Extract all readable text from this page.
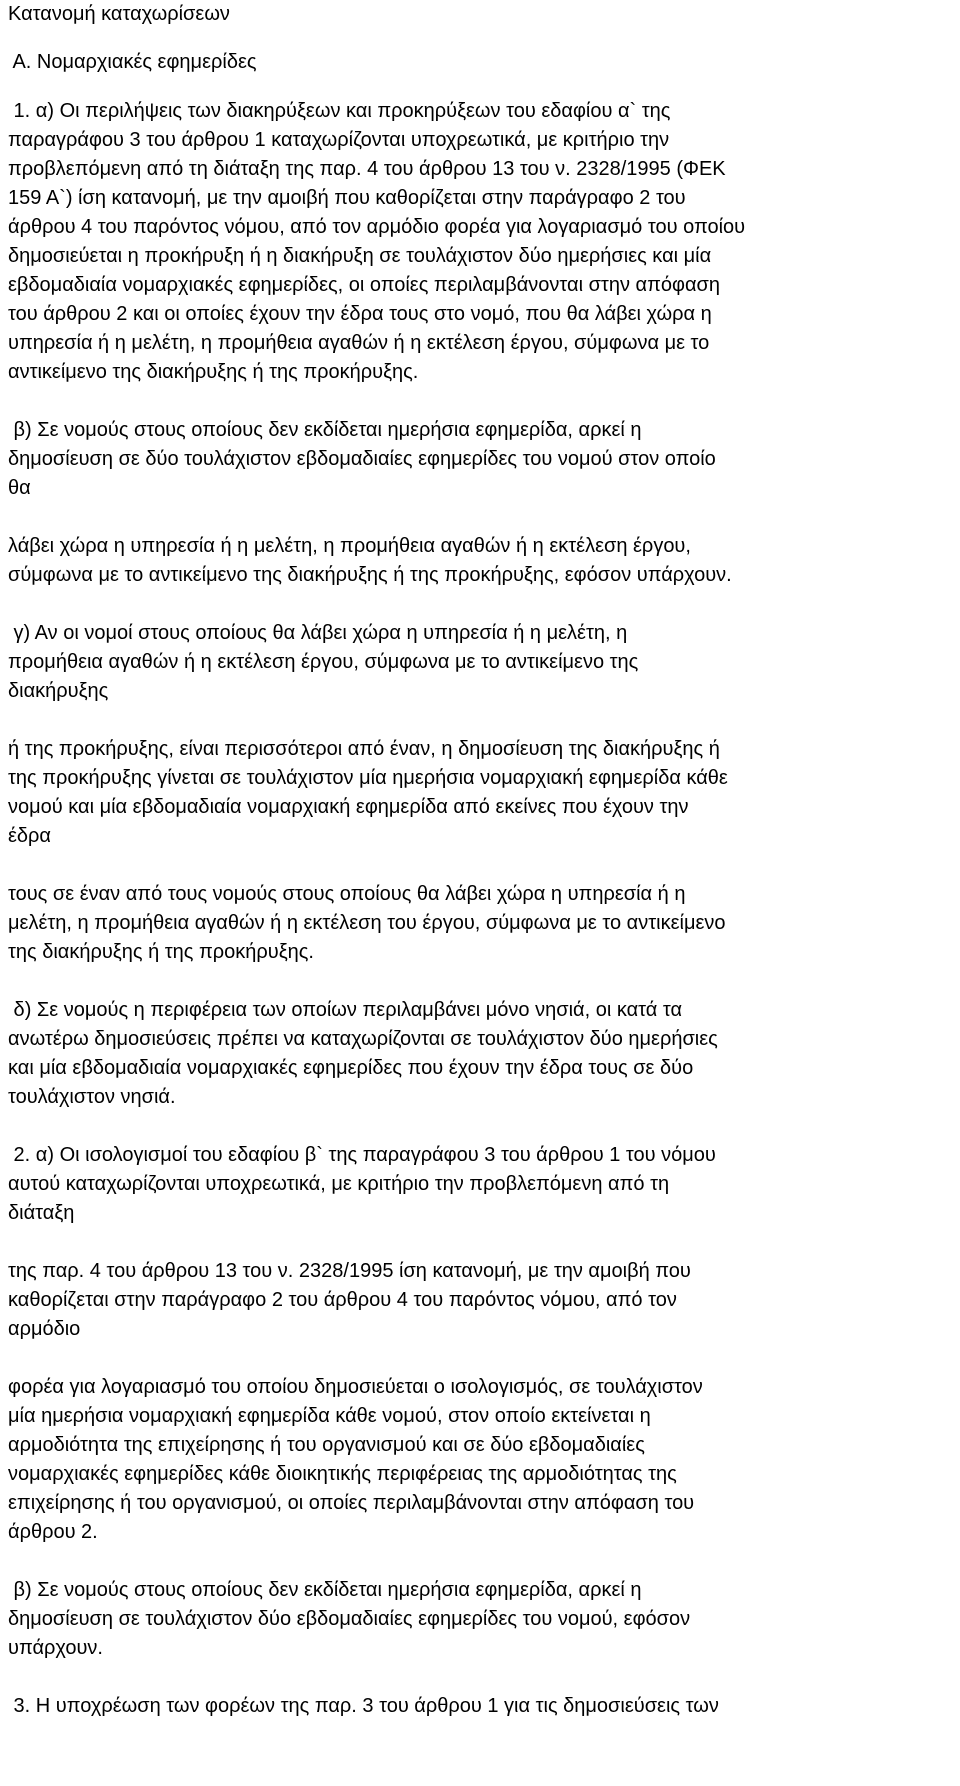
Κατανομή καταχωρίσεων

Α. Νομαρχιακές εφημερίδες

1. α) Οι περιλήψεις των διακηρύξεων και προκηρύξεων του εδαφίου α` της

παραγράφου 3 του άρθρου 1 καταχωρίζονται υποχρεωτικά, με κριτήριο την

προβλεπόμενη από τη διάταξη της παρ. 4 του άρθρου 13 του ν. 2328/1995 (ΦΕΚ

159 Α`) ίση κατανομή, με την αμοιβή που καθορίζεται στην παράγραφο 2 του

άρθρου 4 του παρόντος νόμου, από τον αρμόδιο φορέα για λογαριασμό του οποίου

δημοσιεύεται η προκήρυξη ή η διακήρυξη σε τουλάχιστον δύο ημερήσιες και μία

εβδομαδιαία νομαρχιακές εφημερίδες, οι οποίες περιλαμβάνονται στην απόφαση

του άρθρου 2 και οι οποίες έχουν την έδρα τους στο νομό, που θα λάβει χώρα η

υπηρεσία ή η μελέτη, η προμήθεια αγαθών ή η εκτέλεση έργου, σύμφωνα με το

αντικείμενο της διακήρυξης ή της προκήρυξης.

β) Σε νομούς στους οποίους δεν εκδίδεται ημερήσια εφημερίδα, αρκεί η

δημοσίευση σε δύο τουλάχιστον εβδομαδιαίες εφημερίδες του νομού στον οποίο

θα

λάβει χώρα η υπηρεσία ή η μελέτη, η προμήθεια αγαθών ή η εκτέλεση έργου,

σύμφωνα με το αντικείμενο της διακήρυξης ή της προκήρυξης, εφόσον υπάρχουν.

γ) Αν οι νομοί στους οποίους θα λάβει χώρα η υπηρεσία ή η μελέτη, η

προμήθεια αγαθών ή η εκτέλεση έργου, σύμφωνα με το αντικείμενο της

διακήρυξης

ή της προκήρυξης, είναι περισσότεροι από έναν, η δημοσίευση της διακήρυξης ή

της προκήρυξης γίνεται σε τουλάχιστον μία ημερήσια νομαρχιακή εφημερίδα κάθε

νομού και μία εβδομαδιαία νομαρχιακή εφημερίδα από εκείνες που έχουν την

έδρα

τους σε έναν από τους νομούς στους οποίους θα λάβει χώρα η υπηρεσία ή η

μελέτη, η προμήθεια αγαθών ή η εκτέλεση του έργου, σύμφωνα με το αντικείμενο

της διακήρυξης ή της προκήρυξης.

δ) Σε νομούς η περιφέρεια των οποίων περιλαμβάνει μόνο νησιά, οι κατά τα

ανωτέρω δημοσιεύσεις πρέπει να καταχωρίζονται σε τουλάχιστον δύο ημερήσιες

και μία εβδομαδιαία νομαρχιακές εφημερίδες που έχουν την έδρα τους σε δύο

τουλάχιστον νησιά.

2. α) Οι ισολογισμοί του εδαφίου β` της παραγράφου 3 του άρθρου 1 του νόμου

αυτού καταχωρίζονται υποχρεωτικά, με κριτήριο την προβλεπόμενη από τη

διάταξη

της παρ. 4 του άρθρου 13 του ν. 2328/1995 ίση κατανομή, με την αμοιβή που

καθορίζεται στην παράγραφο 2 του άρθρου 4 του παρόντος νόμου, από τον

αρμόδιο

φορέα για λογαριασμό του οποίου δημοσιεύεται ο ισολογισμός, σε τουλάχιστον

μία ημερήσια νομαρχιακή εφημερίδα κάθε νομού, στον οποίο εκτείνεται η

αρμοδιότητα της επιχείρησης ή του οργανισμού και σε δύο εβδομαδιαίες

νομαρχιακές εφημερίδες κάθε διοικητικής περιφέρειας της αρμοδιότητας της

επιχείρησης ή του οργανισμού, οι οποίες περιλαμβάνονται στην απόφαση του

άρθρου 2.

β) Σε νομούς στους οποίους δεν εκδίδεται ημερήσια εφημερίδα, αρκεί η

δημοσίευση σε τουλάχιστον δύο εβδομαδιαίες εφημερίδες του νομού, εφόσον

υπάρχουν.

3. Η υποχρέωση των φορέων της παρ. 3 του άρθρου 1 για τις δημοσιεύσεις των
